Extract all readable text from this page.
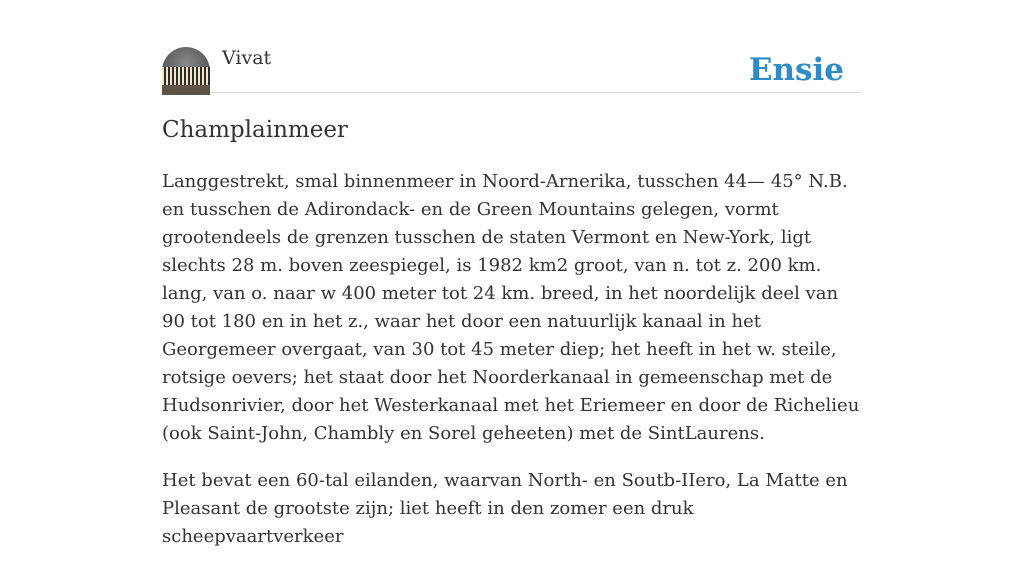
Vivat	Ensie
Champlainmeer

Langgestrekt, smal binnenmeer in Noord-Arnerika, tusschen 44— 45° N.B. en tusschen de Adirondack- en de Green Mountains gelegen, vormt grootendeels de grenzen tusschen de staten Vermont en New-York, ligt slechts 28 m. boven zeespiegel, is 1982 km2 groot, van n. tot z. 200 km. lang, van o. naar w 400 meter tot 24 km. breed, in het noordelijk deel van 90 tot 180 en in het z., waar het door een natuurlijk kanaal in het Georgemeer overgaat, van 30 tot 45 meter diep; het heeft in het w. steile, rotsige oevers; het staat door het Noorderkanaal in gemeenschap met de Hudsonrivier, door het Westerkanaal met het Eriemeer en door de Richelieu (ook Saint-John, Chambly en Sorel geheeten) met de SintLaurens.

Het bevat een 60-tal eilanden, waarvan North- en Soutb-IIero, La Matte en Pleasant de grootste zijn; liet heeft in den zomer een druk scheepvaartverkeer
